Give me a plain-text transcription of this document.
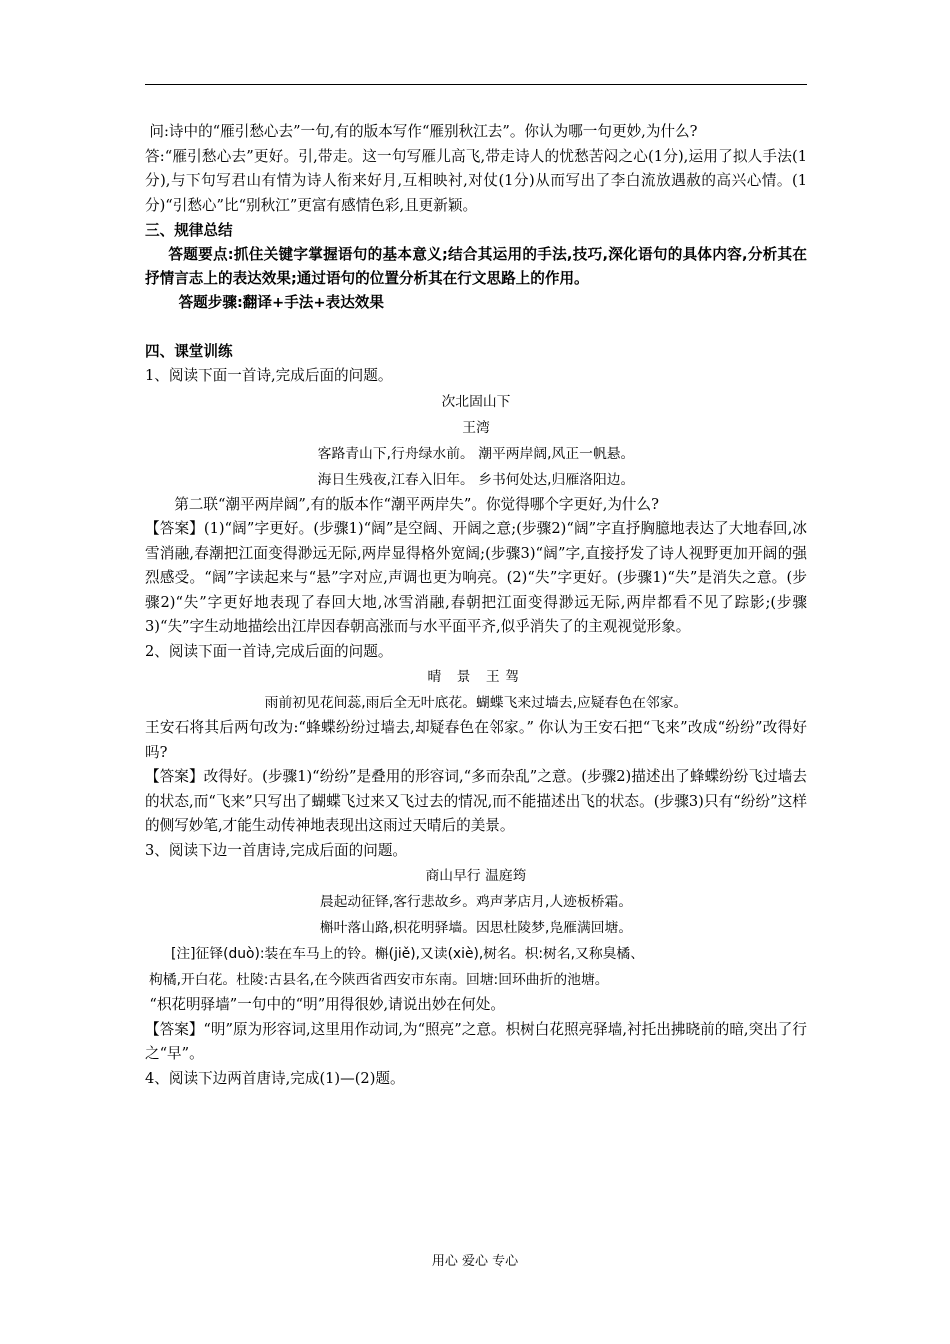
问:诗中的“雁引愁心去”一句,有的版本写作“雁别秋江去”。你认为哪一句更妙,为什么?

答:“雁引愁心去”更好。引,带走。这一句写雁儿高飞,带走诗人的忧愁苦闷之心(1分),运用了拟人手法(1分),与下句写君山有情为诗人衔来好月,互相映衬,对仗(1分)从而写出了李白流放遇赦的高兴心情。(1分)“引愁心”比“别秋江”更富有感情色彩,且更新颖。

三、规律总结

答题要点:抓住关键字掌握语句的基本意义;结合其运用的手法,技巧,深化语句的具体内容,分析其在抒情言志上的表达效果;通过语句的位置分析其在行文思路上的作用。

答题步骤:翻译+手法+表达效果

四、课堂训练

1、阅读下面一首诗,完成后面的问题。

次北固山下

王湾

客路青山下,行舟绿水前。 潮平两岸阔,风正一帆悬。

海日生残夜,江春入旧年。 乡书何处达,归雁洛阳边。

第二联“潮平两岸阔”,有的版本作“潮平两岸失”。你觉得哪个字更好,为什么?

【答案】(1)“阔”字更好。(步骤1)“阔”是空阔、开阔之意;(步骤2)“阔”字直抒胸臆地表达了大地春回,冰雪消融,春潮把江面变得渺远无际,两岸显得格外宽阔;(步骤3)“阔”字,直接抒发了诗人视野更加开阔的强烈感受。“阔”字读起来与“悬”字对应,声调也更为响亮。(2)“失”字更好。(步骤1)“失”是消失之意。(步骤2)“失”字更好地表现了春回大地,冰雪消融,春朝把江面变得渺远无际,两岸都看不见了踪影;(步骤3)“失”字生动地描绘出江岸因春朝高涨而与水平面平齐,似乎消失了的主观视觉形象。

2、阅读下面一首诗,完成后面的问题。

晴 景 王驾

雨前初见花间蕊,雨后全无叶底花。蝴蝶飞来过墙去,应疑春色在邻家。

王安石将其后两句改为:“蜂蝶纷纷过墙去,却疑春色在邻家。” 你认为王安石把“飞来”改成“纷纷”改得好吗?

【答案】改得好。(步骤1)“纷纷”是叠用的形容词,“多而杂乱”之意。(步骤2)描述出了蜂蝶纷纷飞过墙去的状态,而“飞来”只写出了蝴蝶飞过来又飞过去的情况,而不能描述出飞的状态。(步骤3)只有“纷纷”这样的侧写妙笔,才能生动传神地表现出这雨过天晴后的美景。

3、阅读下边一首唐诗,完成后面的问题。

商山早行 温庭筠

晨起动征铎,客行悲故乡。鸡声茅店月,人迹板桥霜。

槲叶落山路,枳花明驿墙。因思杜陵梦,凫雁满回塘。

[注]征铎(duò):装在车马上的铃。槲(jiě),又读(xiè),树名。枳:树名,又称臭橘、

枸橘,开白花。杜陵:古县名,在今陕西省西安市东南。回塘:回环曲折的池塘。

“枳花明驿墙”一句中的“明”用得很妙,请说出妙在何处。

【答案】“明”原为形容词,这里用作动词,为“照亮”之意。枳树白花照亮驿墙,衬托出拂晓前的暗,突出了行之“早”。

4、阅读下边两首唐诗,完成(1)—(2)题。

用心 爱心 专心
